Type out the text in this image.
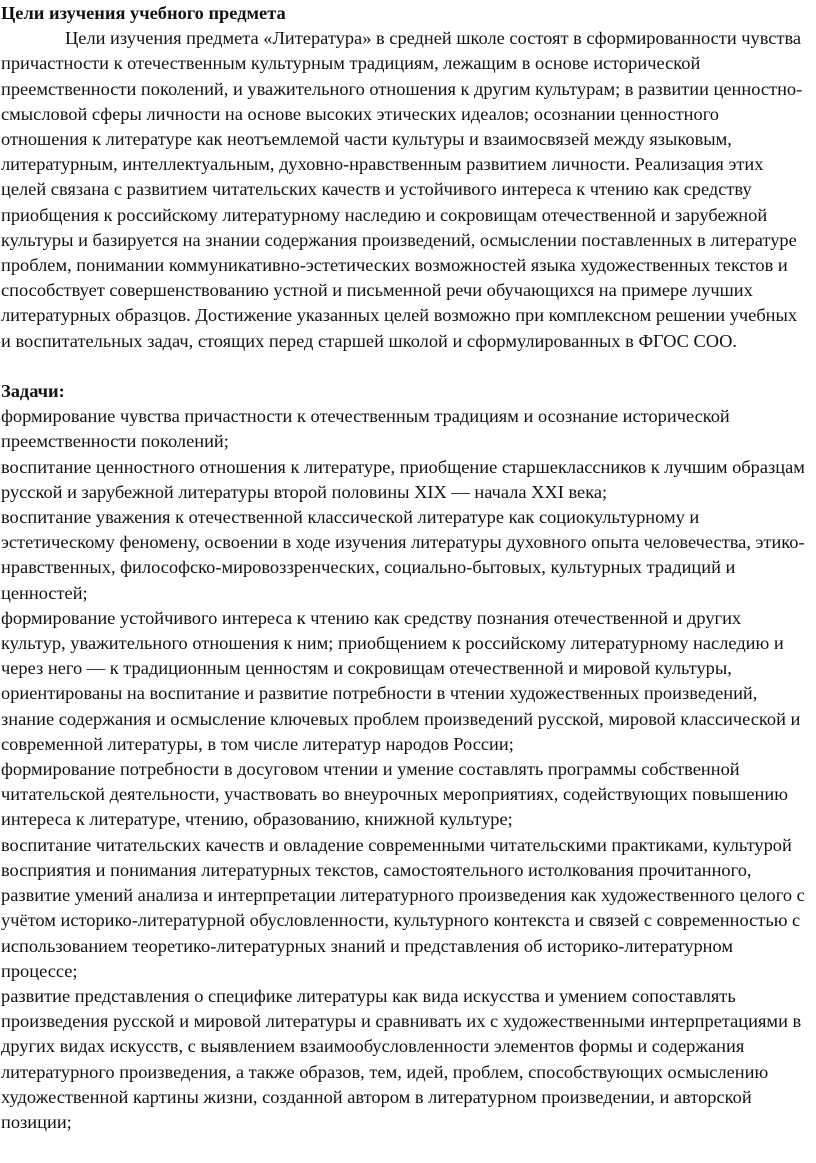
Цели изучения учебного предмета

Цели изучения предмета «Литература» в средней школе состоят в сформированности чувства причастности к отечественным культурным традициям, лежащим в основе исторической преемственности поколений, и уважительного отношения к другим культурам; в развитии ценностно-смысловой сферы личности на основе высоких этических идеалов; осознании ценностного отношения к литературе как неотъемлемой части культуры и взаимосвязей между языковым, литературным, интеллектуальным, духовно-нравственным развитием личности. Реализация этих целей связана с развитием читательских качеств и устойчивого интереса к чтению как средству приобщения к российскому литературному наследию и сокровищам отечественной и зарубежной культуры и базируется на знании содержания произведений, осмыслении поставленных в литературе проблем, понимании коммуникативно-эстетических возможностей языка художественных текстов и способствует совершенствованию устной и письменной речи обучающихся на примере лучших литературных образцов. Достижение указанных целей возможно при комплексном решении учебных и воспитательных задач, стоящих перед старшей школой и сформулированных в ФГОС СОО.

Задачи:

формирование чувства причастности к отечественным традициям и осознание исторической преемственности поколений;

воспитание ценностного отношения к литературе, приобщение старшеклассников к лучшим образцам русской и зарубежной литературы второй половины XIX — начала XXI века;

воспитание уважения к отечественной классической литературе как социокультурному и эстетическому феномену, освоении в ходе изучения литературы духовного опыта человечества, этико-нравственных, философско-мировоззренческих, социально-бытовых, культурных традиций и ценностей;

формирование устойчивого интереса к чтению как средству познания отечественной и других культур, уважительного отношения к ним; приобщением к российскому литературному наследию и через него — к традиционным ценностям и сокровищам отечественной и мировой культуры, ориентированы на воспитание и развитие потребности в чтении художественных произведений, знание содержания и осмысление ключевых проблем произведений русской, мировой классической и современной литературы, в том числе литератур народов России;

формирование потребности в досуговом чтении и умение составлять программы собственной читательской деятельности, участвовать во внеурочных мероприятиях, содействующих повышению интереса к литературе, чтению, образованию, книжной культуре;

воспитание читательских качеств и овладение современными читательскими практиками, культурой восприятия и понимания литературных текстов, самостоятельного истолкования прочитанного, развитие умений анализа и интерпретации литературного произведения как художественного целого с учётом историко-литературной обусловленности, культурного контекста и связей с современностью с использованием теоретико-литературных знаний и представления об историко-литературном процессе;

развитие представления о специфике литературы как вида искусства и умением сопоставлять произведения русской и мировой литературы и сравнивать их с художественными интерпретациями в других видах искусств, с выявлением взаимообусловленности элементов формы и содержания литературного произведения, а также образов, тем, идей, проблем, способствующих осмыслению художественной картины жизни, созданной автором в литературном произведении, и авторской позиции;
